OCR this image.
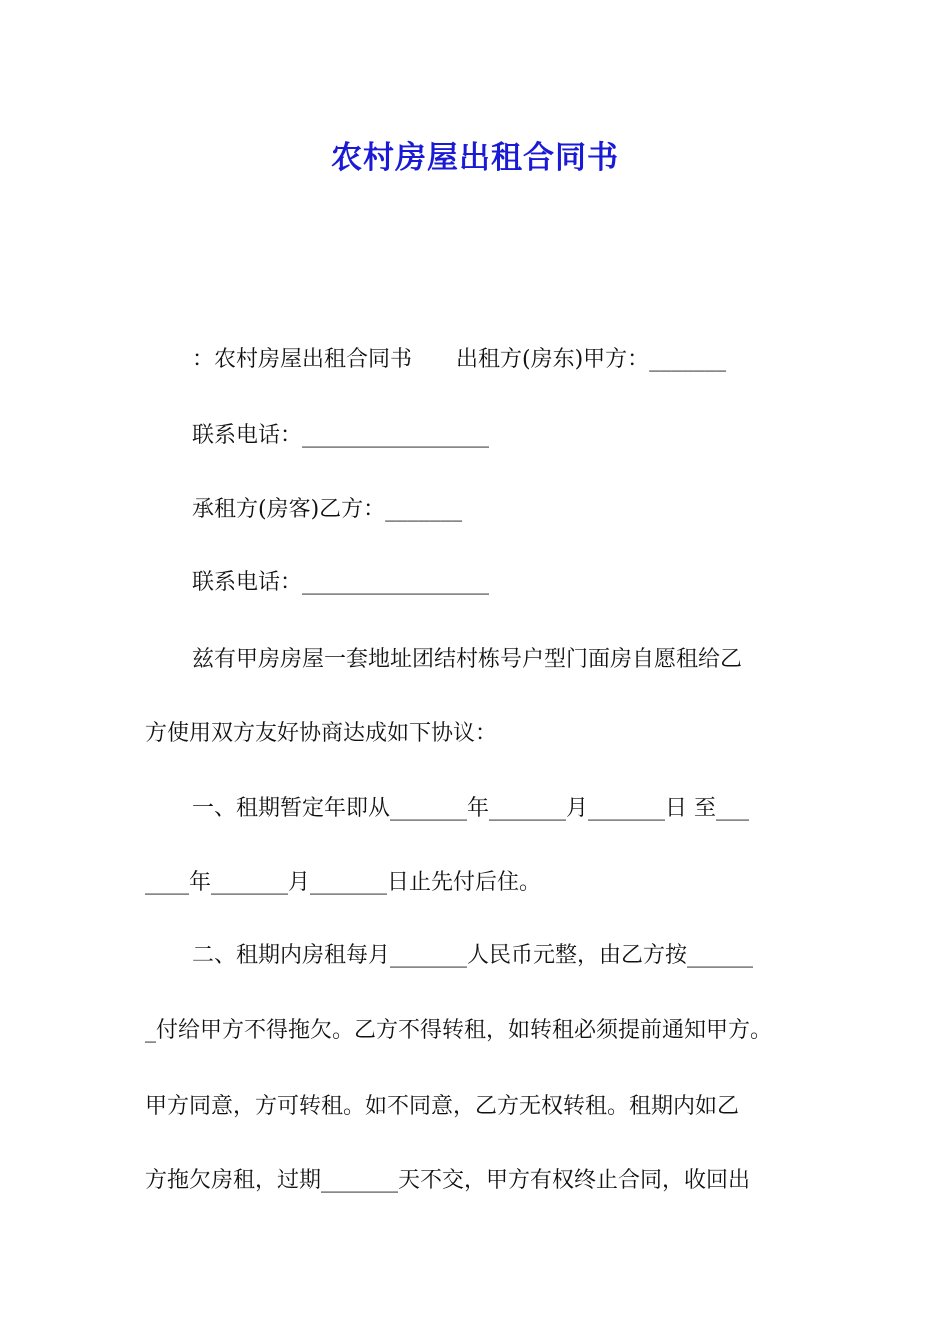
农村房屋出租合同书
：农村房屋出租合同书　　出租方(房东)甲方：_______
联系电话：_________________
承租方(房客)乙方：_______
联系电话：_________________
兹有甲房房屋一套地址团结村栋号户型门面房自愿租给乙
方使用双方友好协商达成如下协议：
一、租期暂定年即从_______年_______月_______日 至___
____年_______月_______日止先付后住。
二、租期内房租每月_______人民币元整，由乙方按______
_付给甲方不得拖欠。乙方不得转租，如转租必须提前通知甲方。
甲方同意，方可转租。如不同意，乙方无权转租。租期内如乙
方拖欠房租，过期_______天不交，甲方有权终止合同，收回出
